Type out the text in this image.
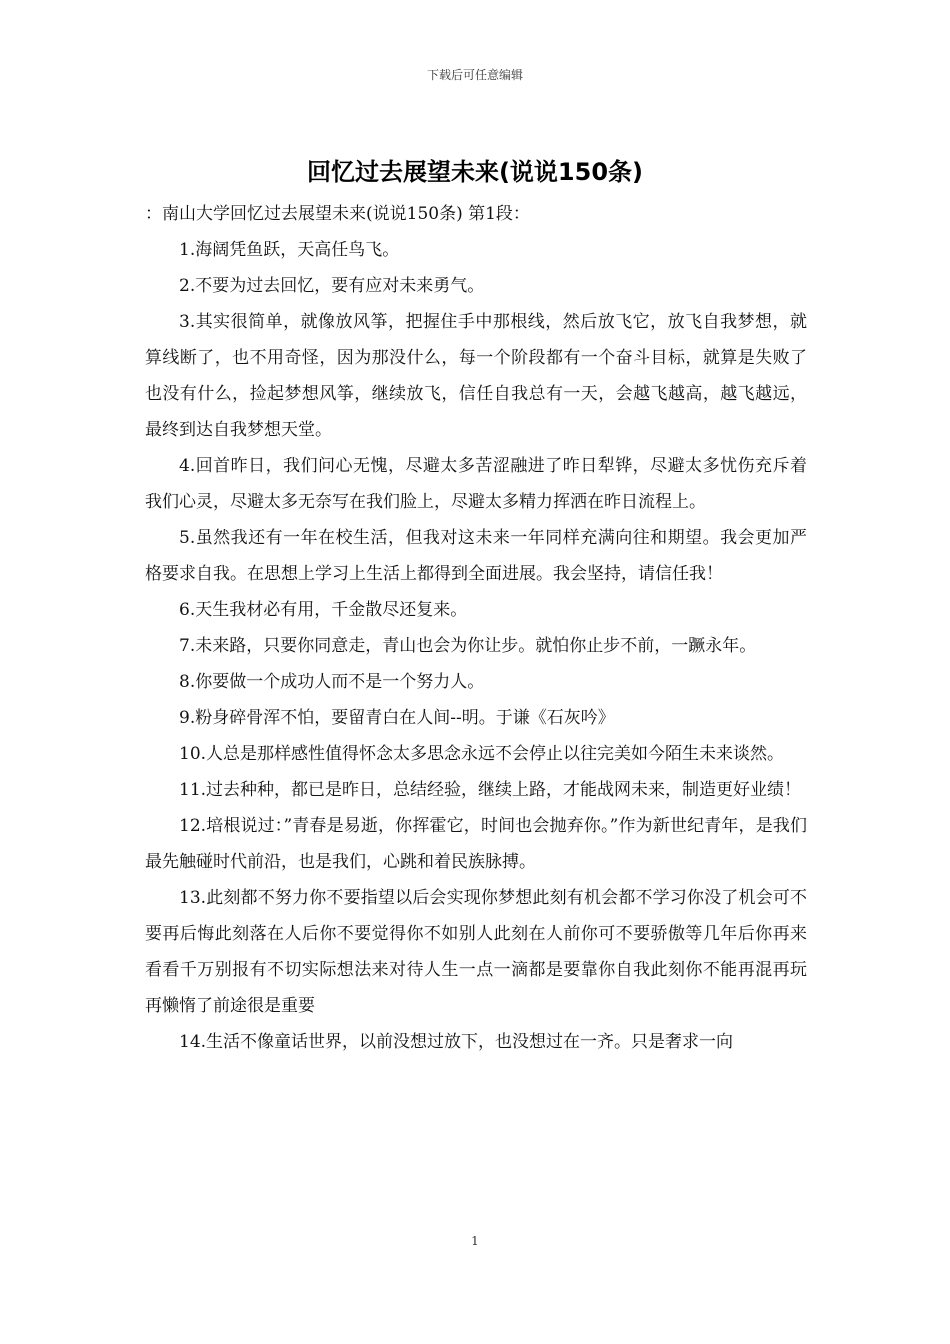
下载后可任意编辑
回忆过去展望未来(说说150条)

：南山大学回忆过去展望未来(说说150条) 第1段：

1.海阔凭鱼跃，天高任鸟飞。

2.不要为过去回忆，要有应对未来勇气。

3.其实很简单，就像放风筝，把握住手中那根线，然后放飞它，放飞自我梦想，就算线断了，也不用奇怪，因为那没什么，每一个阶段都有一个奋斗目标，就算是失败了也没有什么，捡起梦想风筝，继续放飞，信任自我总有一天，会越飞越高，越飞越远，最终到达自我梦想天堂。

4.回首昨日，我们问心无愧，尽避太多苦涩融进了昨日犁铧，尽避太多忧伤充斥着我们心灵，尽避太多无奈写在我们脸上，尽避太多精力挥洒在昨日流程上。

5.虽然我还有一年在校生活，但我对这未来一年同样充满向往和期望。我会更加严格要求自我。在思想上学习上生活上都得到全面进展。我会坚持，请信任我！

6.天生我材必有用，千金散尽还复来。

7.未来路，只要你同意走，青山也会为你让步。就怕你止步不前，一蹶永年。

8.你要做一个成功人而不是一个努力人。

9.粉身碎骨浑不怕，要留青白在人间--明。于谦《石灰吟》

10.人总是那样感性值得怀念太多思念永远不会停止以往完美如今陌生未来谈然。

11.过去种种，都已是昨日，总结经验，继续上路，才能战网未来，制造更好业绩！

12.培根说过：”青春是易逝，你挥霍它，时间也会抛弃你。”作为新世纪青年，是我们最先触碰时代前沿，也是我们，心跳和着民族脉搏。

13.此刻都不努力你不要指望以后会实现你梦想此刻有机会都不学习你没了机会可不要再后悔此刻落在人后你不要觉得你不如别人此刻在人前你可不要骄傲等几年后你再来看看千万别报有不切实际想法来对待人生一点一滴都是要靠你自我此刻你不能再混再玩再懒惰了前途很是重要

14.生活不像童话世界，以前没想过放下，也没想过在一齐。只是奢求一向

1
